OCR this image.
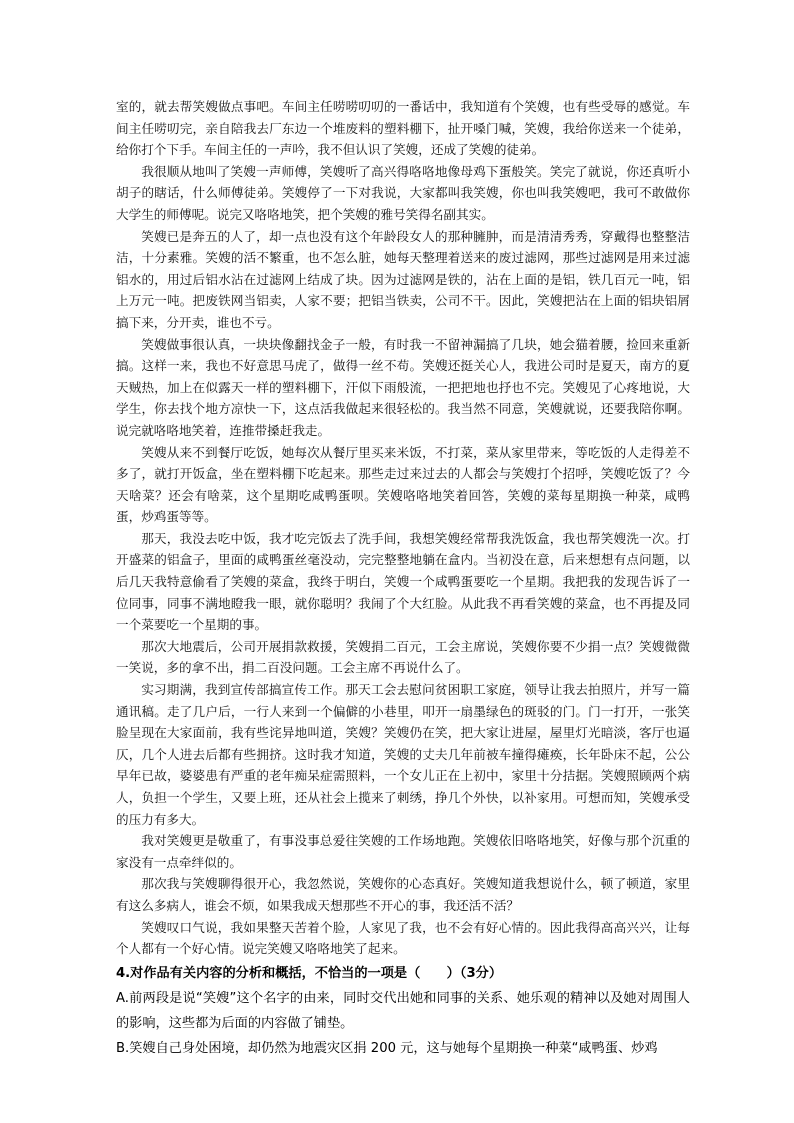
室的，就去帮笑嫂做点事吧。车间主任唠唠叨叨的一番话中，我知道有个笑嫂，也有些受辱的感觉。车间主任唠叨完，亲自陪我去厂东边一个堆废料的塑料棚下，扯开嗓门喊，笑嫂，我给你送来一个徒弟，给你打个下手。车间主任的一声吟，我不但认识了笑嫂，还成了笑嫂的徒弟。

我很顺从地叫了笑嫂一声师傅，笑嫂听了高兴得咯咯地像母鸡下蛋般笑。笑完了就说，你还真听小胡子的瞎话，什么师傅徒弟。笑嫂停了一下对我说，大家都叫我笑嫂，你也叫我笑嫂吧，我可不敢做你大学生的师傅呢。说完又咯咯地笑，把个笑嫂的雅号笑得名副其实。

笑嫂已是奔五的人了，却一点也没有这个年龄段女人的那种臃肿，而是清清秀秀，穿戴得也整整洁洁，十分素雅。笑嫂的活不繁重，也不怎么脏，她每天整理着送来的废过滤网，那些过滤网是用来过滤铝水的，用过后铝水沾在过滤网上结成了块。因为过滤网是铁的，沾在上面的是铝，铁几百元一吨，铝上万元一吨。把废铁网当铝卖，人家不要；把铝当铁卖，公司不干。因此，笑嫂把沾在上面的铝块铝屑搞下来，分开卖，谁也不亏。

笑嫂做事很认真，一块块像翻找金子一般，有时我一不留神漏搞了几块，她会猫着腰，捡回来重新搞。这样一来，我也不好意思马虎了，做得一丝不苟。笑嫂还挺关心人，我进公司时是夏天，南方的夏天贼热，加上在似露天一样的塑料棚下，汗似下雨般流，一把把地也抒也不完。笑嫂见了心疼地说，大学生，你去找个地方凉快一下，这点活我做起来很轻松的。我当然不同意，笑嫂就说，还要我陪你啊。说完就咯咯地笑着，连推带搡赶我走。

笑嫂从来不到餐厅吃饭，她每次从餐厅里买来米饭，不打菜，菜从家里带来，等吃饭的人走得差不多了，就打开饭盒，坐在塑料棚下吃起来。那些走过来过去的人都会与笑嫂打个招呼，笑嫂吃饭了？今天啥菜？还会有啥菜，这个星期吃咸鸭蛋呗。笑嫂咯咯地笑着回答，笑嫂的菜每星期换一种菜，咸鸭蛋，炒鸡蛋等等。

那天，我没去吃中饭，我才吃完饭去了洗手间，我想笑嫂经常帮我洗饭盒，我也帮笑嫂洗一次。打开盛菜的铝盒子，里面的咸鸭蛋丝毫没动，完完整整地躺在盒内。当初没在意，后来想想有点问题，以后几天我特意偷看了笑嫂的菜盒，我终于明白，笑嫂一个咸鸭蛋要吃一个星期。我把我的发现告诉了一位同事，同事不满地瞪我一眼，就你聪明？我闹了个大红脸。从此我不再看笑嫂的菜盒，也不再提及同一个菜要吃一个星期的事。

那次大地震后，公司开展捐款救援，笑嫂捐二百元，工会主席说，笑嫂你要不少捐一点？笑嫂微微一笑说，多的拿不出，捐二百没问题。工会主席不再说什么了。

实习期满，我到宣传部搞宣传工作。那天工会去慰问贫困职工家庭，领导让我去拍照片，并写一篇通讯稿。走了几户后，一行人来到一个偏僻的小巷里，叩开一扇墨绿色的斑驳的门。门一打开，一张笑脸呈现在大家面前，我有些诧异地叫道，笑嫂？笑嫂仍在笑，把大家让进屋，屋里灯光暗淡，客厅也逼仄，几个人进去后都有些拥挤。这时我才知道，笑嫂的丈夫几年前被车撞得瘫痪，长年卧床不起，公公早年已故，婆婆患有严重的老年痴呆症需照料，一个女儿正在上初中，家里十分拮据。笑嫂照顾两个病人，负担一个学生，又要上班，还从社会上揽来了刺绣，挣几个外快，以补家用。可想而知，笑嫂承受的压力有多大。

我对笑嫂更是敬重了，有事没事总爱往笑嫂的工作场地跑。笑嫂依旧咯咯地笑，好像与那个沉重的家没有一点牵绊似的。

那次我与笑嫂聊得很开心，我忽然说，笑嫂你的心态真好。笑嫂知道我想说什么，顿了顿道，家里有这么多病人，谁会不烦，如果我成天想那些不开心的事，我还活不活？

笑嫂叹口气说，我如果整天苦着个脸，人家见了我，也不会有好心情的。因此我得高高兴兴，让每个人都有一个好心情。说完笑嫂又咯咯地笑了起来。

4.对作品有关内容的分析和概括，不恰当的一项是（　　）（3分）

A.前两段是说“笑嫂”这个名字的由来，同时交代出她和同事的关系、她乐观的精神以及她对周围人的影响，这些都为后面的内容做了铺垫。

B.笑嫂自己身处困境，却仍然为地震灾区捐 200 元，这与她每个星期换一种菜“咸鸭蛋、炒鸡
